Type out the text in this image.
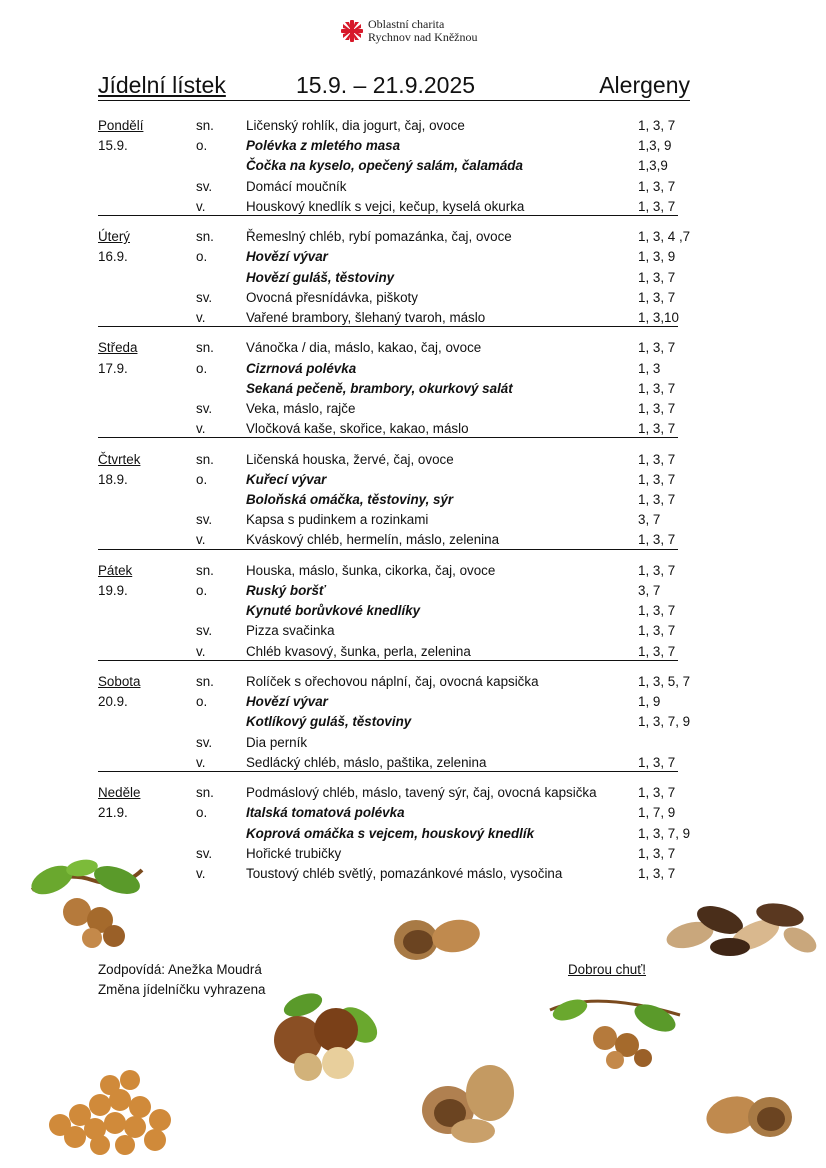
Oblastní charita
Rychnov nad Kněžnou
Jídelní lístek	15.9. – 21.9.2025	Alergeny
Pondělí	sn. Ličenský rohlík, dia jogurt, čaj, ovoce	1, 3, 7
15.9.	o.	Polévka z mletého masa	1,3, 9
Čočka na kyselo, opečený salám, čalamáda	1,3,9
sv.	Domácí moučník	1, 3, 7
v.	Houskový knedlík s vejci, kečup, kyselá okurka	1, 3, 7
Úterý	sn. Řemeslný chléb, rybí pomazánka, čaj, ovoce	1, 3, 4 ,7
16.9.	o.	Hovězí vývar	1, 3, 9
Hovězí guláš, těstoviny	1, 3, 7
sv.	Ovocná přesnídávka, piškoty	1, 3, 7
v.	Vařené brambory, šlehaný tvaroh, máslo	1, 3,10
Středa	sn. Vánočka / dia, máslo, kakao, čaj, ovoce	1, 3, 7
17.9.	o.	Cizrnová polévka	1, 3
Sekaná pečeně, brambory, okurkový salát	1, 3, 7
sv.	Veka, máslo, rajče	1, 3, 7
v.	Vločková kaše, skořice, kakao, máslo	1, 3, 7
Čtvrtek	sn. Ličenská houska, žervé, čaj, ovoce	1, 3, 7
18.9.	o.	Kuřecí vývar	1, 3, 7
Boloňská omáčka, těstoviny, sýr	1, 3, 7
sv.	Kapsa s pudinkem a rozinkami	3, 7
v.	Kváskový chléb, hermelín, máslo, zelenina	1, 3, 7
Pátek	sn. Houska, máslo, šunka, cikorka, čaj, ovoce	1, 3, 7
19.9.	o.	Ruský boršť	3, 7
Kynuté borůvkové knedlíky	1, 3, 7
sv.	Pizza svačinka	1, 3, 7
v.	Chléb kvasový, šunka, perla, zelenina	1, 3, 7
Sobota	sn. Rolíček s ořechovou náplní, čaj, ovocná kapsička	1, 3, 5, 7
20.9.	o.	Hovězí vývar	1, 9
Kotlíkový guláš, těstoviny	1, 3, 7, 9
sv.	Dia perník
v.	Sedlácký chléb, máslo, paštika, zelenina	1, 3, 7
Neděle	sn. Podmáslový chléb, máslo, tavený sýr, čaj, ovocná kapsička	1, 3, 7
21.9.	o.	Italská tomatová polévka	1, 7, 9
Koprová omáčka s vejcem, houskový knedlík	1, 3, 7, 9
sv.	Hořické trubičky	1, 3, 7
v.	Toustový chléb světlý, pomazánkové máslo, vysočina	1, 3, 7
Zodpovídá: Anežka Moudrá
Změna jídelníčku vyhrazena
Dobrou chuť!
